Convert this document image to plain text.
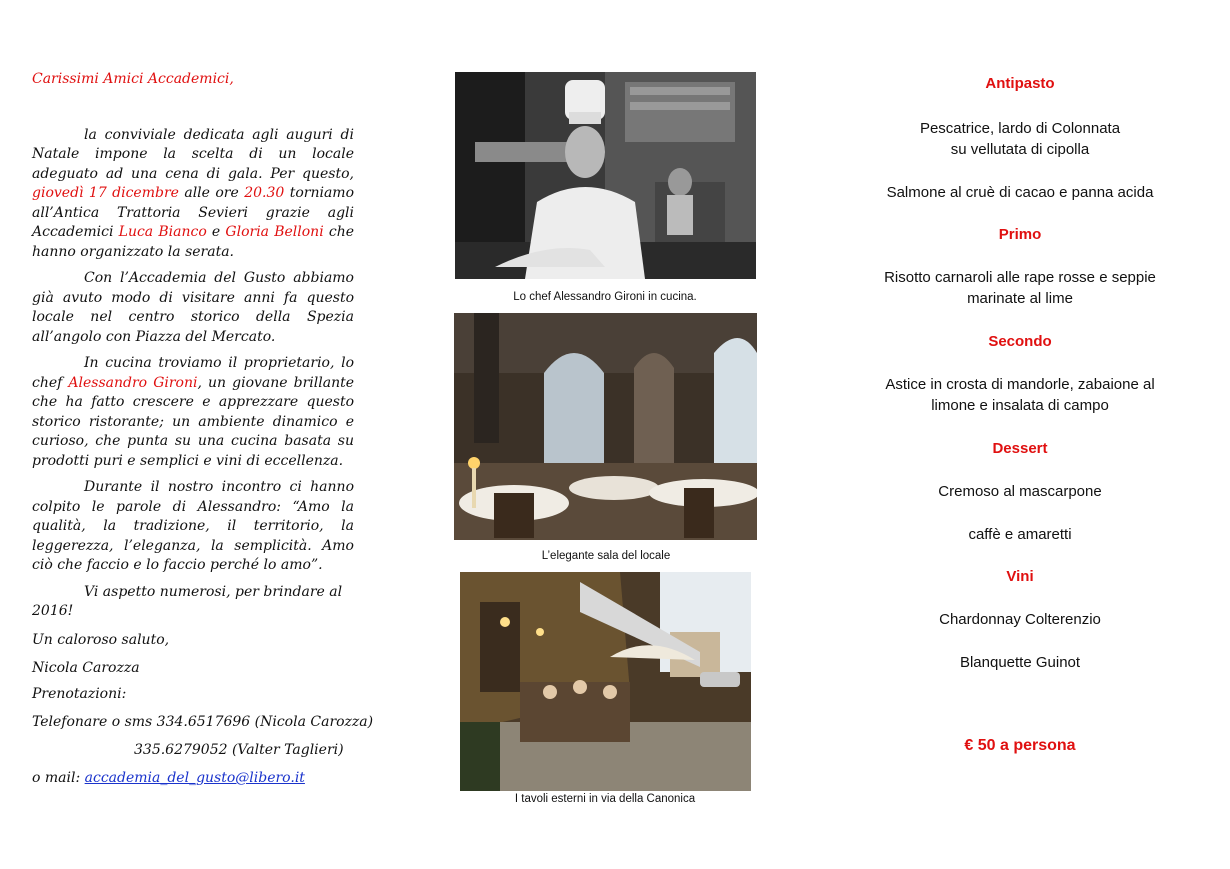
Carissimi Amici Accademici,

la conviviale dedicata agli auguri di Natale impone la scelta di un locale adeguato ad una cena di gala. Per questo, giovedì 17 dicembre alle ore 20.30 torniamo all’Antica Trattoria Sevieri grazie agli Accademici Luca Bianco e Gloria Belloni che hanno organizzato la serata.

Con l’Accademia del Gusto abbiamo già avuto modo di visitare anni fa questo locale nel centro storico della Spezia all’angolo con Piazza del Mercato.

In cucina troviamo il proprietario, lo chef Alessandro Gironi, un giovane brillante che ha fatto crescere e apprezzare questo storico ristorante; un ambiente dinamico e curioso, che punta su una cucina basata su prodotti puri e semplici e vini di eccellenza.

Durante il nostro incontro ci hanno colpito le parole di Alessandro: “Amo la qualità, la tradizione, il territorio, la leggerezza, l’eleganza, la semplicità. Amo ciò che faccio e lo faccio perché lo amo”.

Vi aspetto numerosi, per brindare al 2016!

Un caloroso saluto,

Nicola Carozza

Prenotazioni:
Telefonare o sms 334.6517696 (Nicola Carozza)
335.6279052 (Valter Taglieri)
o mail: accademia_del_gusto@libero.it
Lo chef Alessandro Gironi in cucina.
L’elegante sala del locale
I tavoli esterni in via della Canonica
Antipasto
Pescatrice, lardo di Colonnata
su vellutata di cipolla
Salmone al cruè di cacao e panna acida
Primo
Risotto carnaroli alle rape rosse e seppie
marinate al lime
Secondo
Astice in crosta di mandorle, zabaione al
limone e insalata di campo
Dessert
Cremoso al mascarpone
caffè e amaretti
Vini
Chardonnay Colterenzio
Blanquette Guinot
€ 50 a persona
